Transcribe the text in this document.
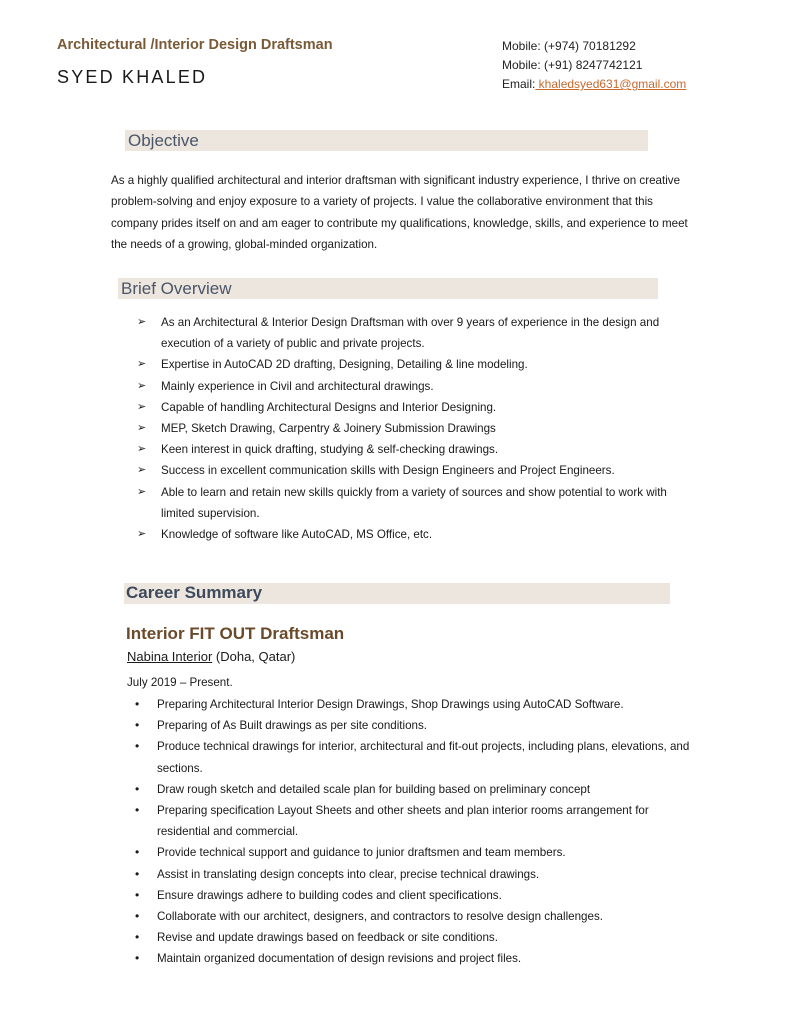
Architectural /Interior Design Draftsman
SYED KHALED
Mobile: (+974) 70181292
Mobile: (+91) 8247742121
Email: khaledsyed631@gmail.com
Objective
As a highly qualified architectural and interior draftsman with significant industry experience, I thrive on creative problem-solving and enjoy exposure to a variety of projects. I value the collaborative environment that this company prides itself on and am eager to contribute my qualifications, knowledge, skills, and experience to meet the needs of a growing, global-minded organization.
Brief Overview
➢ As an Architectural & Interior Design Draftsman with over 9 years of experience in the design and execution of a variety of public and private projects.
➢ Expertise in AutoCAD 2D drafting, Designing, Detailing & line modeling.
➢ Mainly experience in Civil and architectural drawings.
➢ Capable of handling Architectural Designs and Interior Designing.
➢ MEP, Sketch Drawing, Carpentry & Joinery Submission Drawings
➢ Keen interest in quick drafting, studying & self-checking drawings.
➢ Success in excellent communication skills with Design Engineers and Project Engineers.
➢ Able to learn and retain new skills quickly from a variety of sources and show potential to work with limited supervision.
➢ Knowledge of software like AutoCAD, MS Office, etc.
Career Summary
Interior FIT OUT Draftsman
Nabina Interior (Doha, Qatar)
July 2019 – Present.
• Preparing Architectural Interior Design Drawings, Shop Drawings using AutoCAD Software.
• Preparing of As Built drawings as per site conditions.
• Produce technical drawings for interior, architectural and fit-out projects, including plans, elevations, and sections.
• Draw rough sketch and detailed scale plan for building based on preliminary concept
• Preparing specification Layout Sheets and other sheets and plan interior rooms arrangement for residential and commercial.
• Provide technical support and guidance to junior draftsmen and team members.
• Assist in translating design concepts into clear, precise technical drawings.
• Ensure drawings adhere to building codes and client specifications.
• Collaborate with our architect, designers, and contractors to resolve design challenges.
• Revise and update drawings based on feedback or site conditions.
• Maintain organized documentation of design revisions and project files.
